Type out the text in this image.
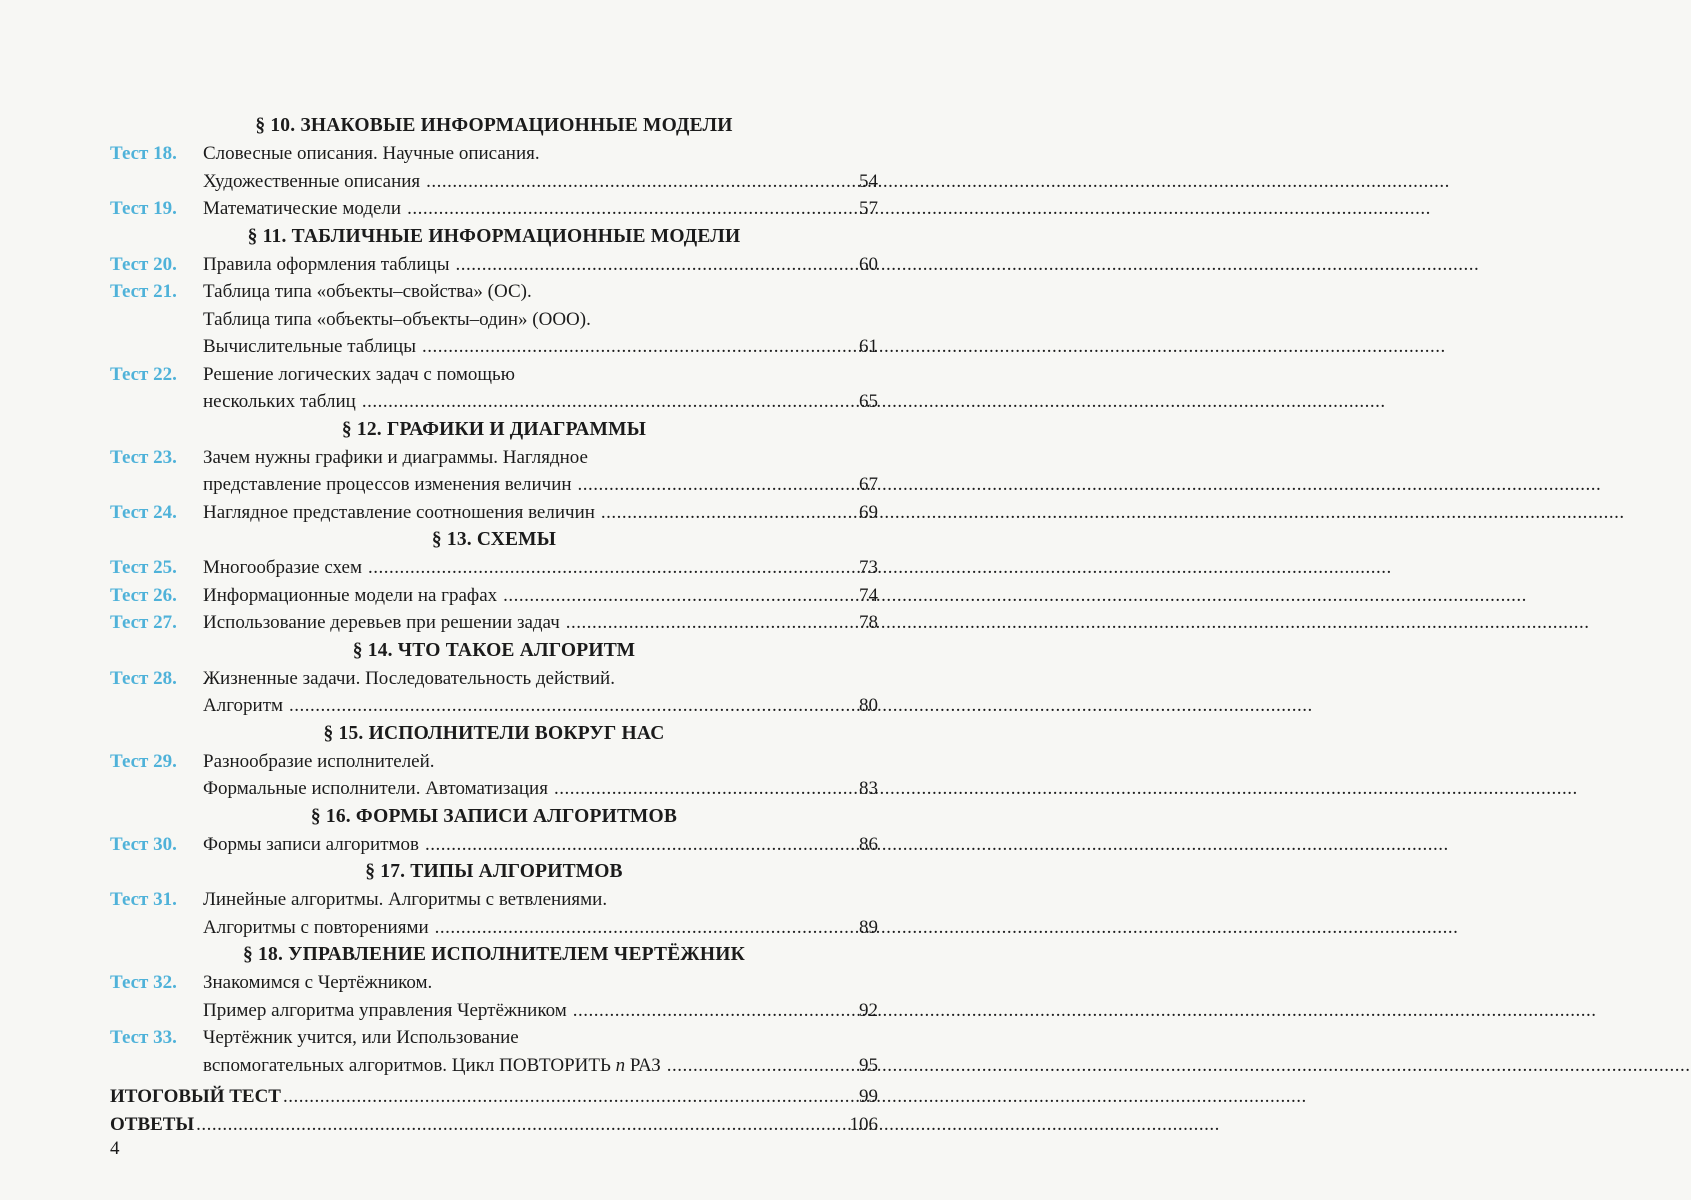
§ 10. ЗНАКОВЫЕ ИНФОРМАЦИОННЫЕ МОДЕЛИ
Тест 18.	Словесные описания. Научные описания.
Художественные описания .....	54
Тест 19.	Математические модели .....	57
§ 11. ТАБЛИЧНЫЕ ИНФОРМАЦИОННЫЕ МОДЕЛИ
Тест 20.	Правила оформления таблицы .....	60
Тест 21.	Таблица типа «объекты–свойства» (ОС).
Таблица типа «объекты–объекты–один» (ООО).
Вычислительные таблицы .....	61
Тест 22.	Решение логических задач с помощью
нескольких таблиц .....	65
§ 12. ГРАФИКИ И ДИАГРАММЫ
Тест 23.	Зачем нужны графики и диаграммы. Наглядное
представление процессов изменения величин .....	67
Тест 24.	Наглядное представление соотношения величин .....	69
§ 13. СХЕМЫ
Тест 25.	Многообразие схем .....	73
Тест 26.	Информационные модели на графах .....	74
Тест 27.	Использование деревьев при решении задач .....	78
§ 14. ЧТО ТАКОЕ АЛГОРИТМ
Тест 28.	Жизненные задачи. Последовательность действий.
Алгоритм .....	80
§ 15. ИСПОЛНИТЕЛИ ВОКРУГ НАС
Тест 29.	Разнообразие исполнителей.
Формальные исполнители. Автоматизация .....	83
§ 16. ФОРМЫ ЗАПИСИ АЛГОРИТМОВ
Тест 30.	Формы записи алгоритмов .....	86
§ 17. ТИПЫ АЛГОРИТМОВ
Тест 31.	Линейные алгоритмы. Алгоритмы с ветвлениями.
Алгоритмы с повторениями .....	89
§ 18. УПРАВЛЕНИЕ ИСПОЛНИТЕЛЕМ ЧЕРТЁЖНИК
Тест 32.	Знакомимся с Чертёжником.
Пример алгоритма управления Чертёжником .....	92
Тест 33.	Чертёжник учится, или Использование
вспомогательных алгоритмов. Цикл ПОВТОРИТЬ n РАЗ .....	95
ИТОГОВЫЙ ТЕСТ .....	99
ОТВЕТЫ .....	106
4
